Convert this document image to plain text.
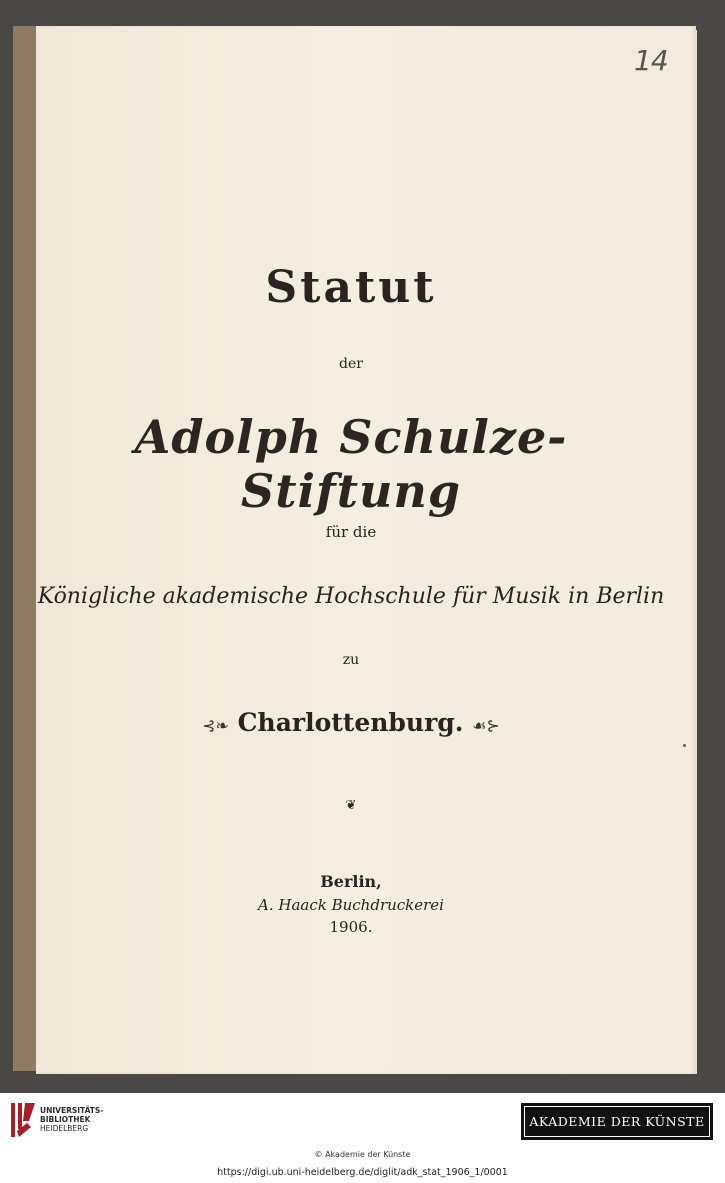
14
Statut
der
Adolph Schulze-Stiftung
für die
Königliche akademische Hochschule für Musik in Berlin
zu
⊰❧ Charlottenburg. ☙⊱
❦
Berlin,
A. Haack Buchdruckerei
1906.
UNIVERSITÄTS-
BIBLIOTHEK
HEIDELBERG	AKADEMIE DER KÜNSTE
© Akademie der Künste
https://digi.ub.uni-heidelberg.de/diglit/adk_stat_1906_1/0001
